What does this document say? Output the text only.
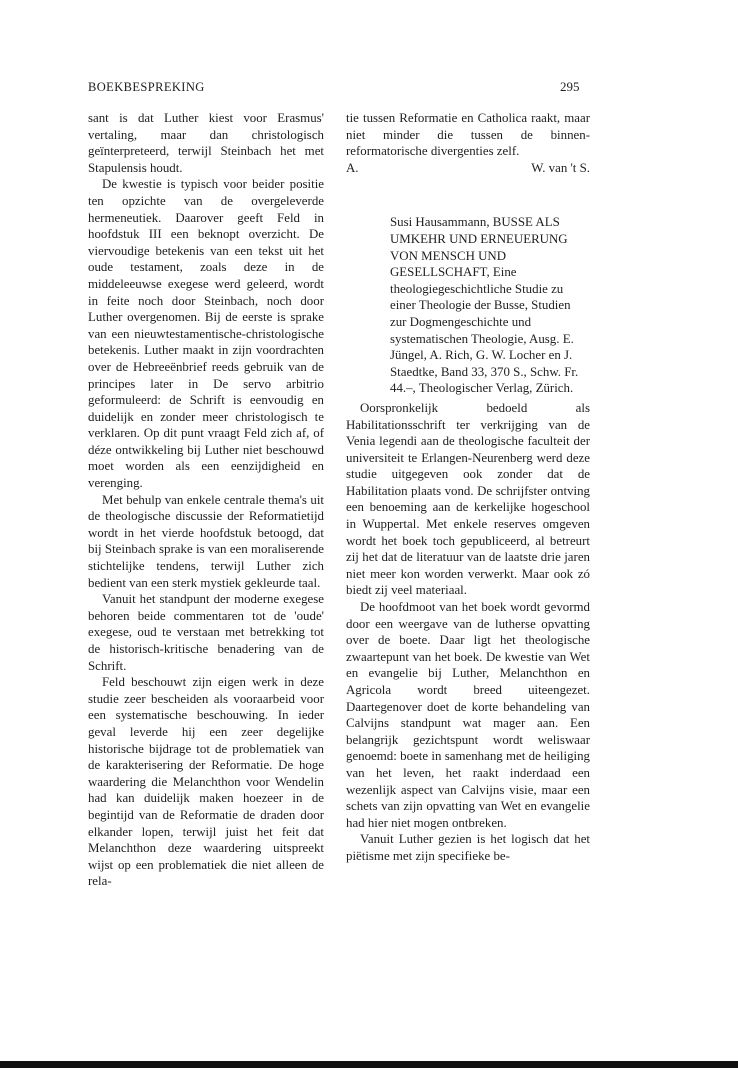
BOEKBESPREKING	295

sant is dat Luther kiest voor Erasmus' vertaling, maar dan christologisch geïnterpreteerd, terwijl Steinbach het met Stapulensis houdt.

De kwestie is typisch voor beider positie ten opzichte van de overgeleverde hermeneutiek. Daarover geeft Feld in hoofdstuk III een beknopt overzicht. De viervoudige betekenis van een tekst uit het oude testament, zoals deze in de middeleeuwse exegese werd geleerd, wordt in feite noch door Steinbach, noch door Luther overgenomen. Bij de eerste is sprake van een nieuwtestamentische-christologische betekenis. Luther maakt in zijn voordrachten over de Hebreeënbrief reeds gebruik van de principes later in De servo arbitrio geformuleerd: de Schrift is eenvoudig en duidelijk en zonder meer christologisch te verklaren. Op dit punt vraagt Feld zich af, of déze ontwikkeling bij Luther niet beschouwd moet worden als een eenzijdigheid en verenging.

Met behulp van enkele centrale thema's uit de theologische discussie der Reformatietijd wordt in het vierde hoofdstuk betoogd, dat bij Steinbach sprake is van een moraliserende stichtelijke tendens, terwijl Luther zich bedient van een sterk mystiek gekleurde taal.

Vanuit het standpunt der moderne exegese behoren beide commentaren tot de 'oude' exegese, oud te verstaan met betrekking tot de historisch-kritische benadering van de Schrift.

Feld beschouwt zijn eigen werk in deze studie zeer bescheiden als vooraarbeid voor een systematische beschouwing. In ieder geval leverde hij een zeer degelijke historische bijdrage tot de problematiek van de karakterisering der Reformatie. De hoge waardering die Melanchthon voor Wendelin had kan duidelijk maken hoezeer in de begintijd van de Reformatie de draden door elkander lopen, terwijl juist het feit dat Melanchthon deze waardering uitspreekt wijst op een problematiek die niet alleen de rela-

tie tussen Reformatie en Catholica raakt, maar niet minder die tussen de binnen-reformatorische divergenties zelf.

A.	W. van 't S.

Susi Hausammann, BUSSE ALS UMKEHR UND ERNEUERUNG VON MENSCH UND GESELLSCHAFT, Eine theologiegeschichtliche Studie zu einer Theologie der Busse, Studien zur Dogmengeschichte und systematischen Theologie, Ausg. E. Jüngel, A. Rich, G. W. Locher en J. Staedtke, Band 33, 370 S., Schw. Fr. 44.–, Theologischer Verlag, Zürich.

Oorspronkelijk bedoeld als Habilitationsschrift ter verkrijging van de Venia legendi aan de theologische faculteit der universiteit te Erlangen-Neurenberg werd deze studie uitgegeven ook zonder dat de Habilitation plaats vond. De schrijfster ontving een benoeming aan de kerkelijke hogeschool in Wuppertal. Met enkele reserves omgeven wordt het boek toch gepubliceerd, al betreurt zij het dat de literatuur van de laatste drie jaren niet meer kon worden verwerkt. Maar ook zó biedt zij veel materiaal.

De hoofdmoot van het boek wordt gevormd door een weergave van de lutherse opvatting over de boete. Daar ligt het theologische zwaartepunt van het boek. De kwestie van Wet en evangelie bij Luther, Melanchthon en Agricola wordt breed uiteengezet. Daartegenover doet de korte behandeling van Calvijns standpunt wat mager aan. Een belangrijk gezichtspunt wordt weliswaar genoemd: boete in samenhang met de heiliging van het leven, het raakt inderdaad een wezenlijk aspect van Calvijns visie, maar een schets van zijn opvatting van Wet en evangelie had hier niet mogen ontbreken.

Vanuit Luther gezien is het logisch dat het piëtisme met zijn specifieke be-
